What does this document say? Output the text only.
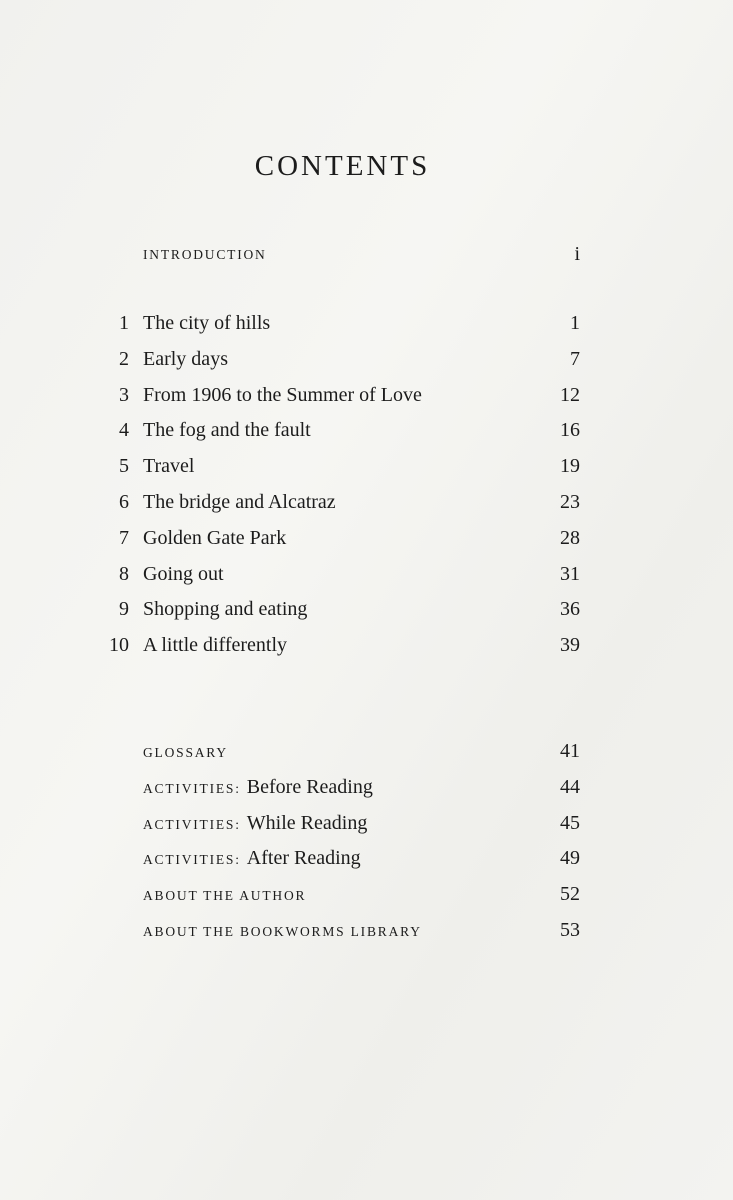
CONTENTS
INTRODUCTION	i
1 The city of hills	1
2 Early days	7
3 From 1906 to the Summer of Love	12
4 The fog and the fault	16
5 Travel	19
6 The bridge and Alcatraz	23
7 Golden Gate Park	28
8 Going out	31
9 Shopping and eating	36
10 A little differently	39
GLOSSARY	41
ACTIVITIES: Before Reading	44
ACTIVITIES: While Reading	45
ACTIVITIES: After Reading	49
ABOUT THE AUTHOR	52
ABOUT THE BOOKWORMS LIBRARY	53
